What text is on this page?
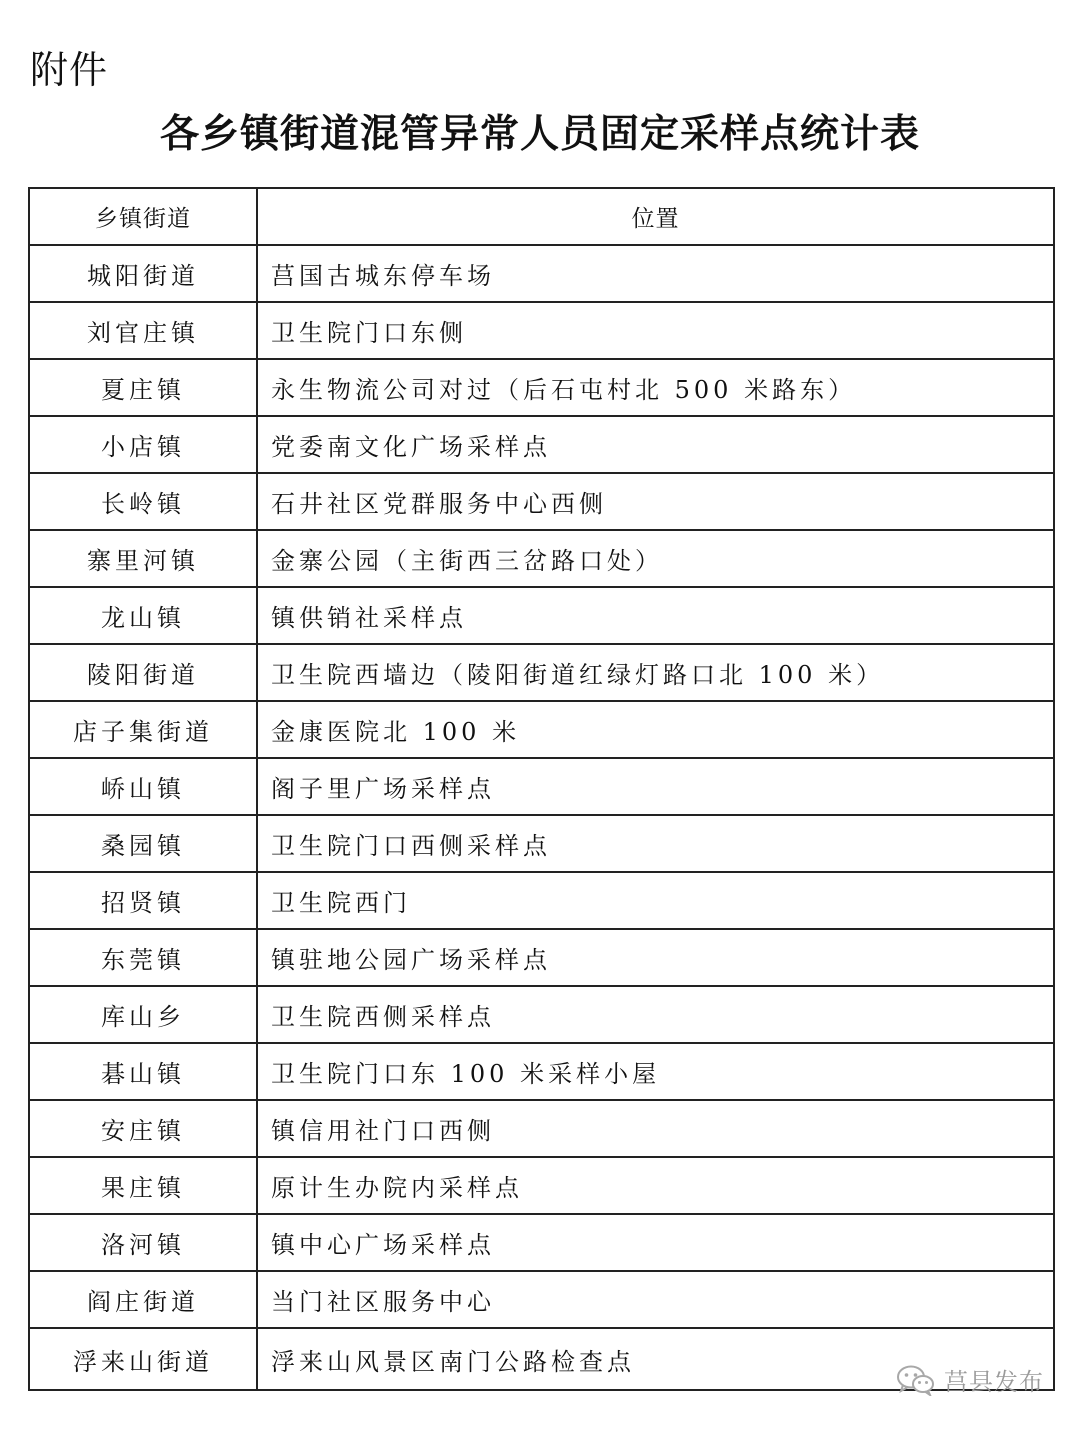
附件
各乡镇街道混管异常人员固定采样点统计表
乡镇街道	位置
城阳街道	莒国古城东停车场
刘官庄镇	卫生院门口东侧
夏庄镇	永生物流公司对过（后石屯村北 500 米路东）
小店镇	党委南文化广场采样点
长岭镇	石井社区党群服务中心西侧
寨里河镇	金寨公园（主街西三岔路口处）
龙山镇	镇供销社采样点
陵阳街道	卫生院西墙边（陵阳街道红绿灯路口北 100 米）
店子集街道	金康医院北 100 米
峤山镇	阁子里广场采样点
桑园镇	卫生院门口西侧采样点
招贤镇	卫生院西门
东莞镇	镇驻地公园广场采样点
库山乡	卫生院西侧采样点
碁山镇	卫生院门口东 100 米采样小屋
安庄镇	镇信用社门口西侧
果庄镇	原计生办院内采样点
洛河镇	镇中心广场采样点
阎庄街道	当门社区服务中心
浮来山街道	浮来山风景区南门公路检查点
莒县发布
